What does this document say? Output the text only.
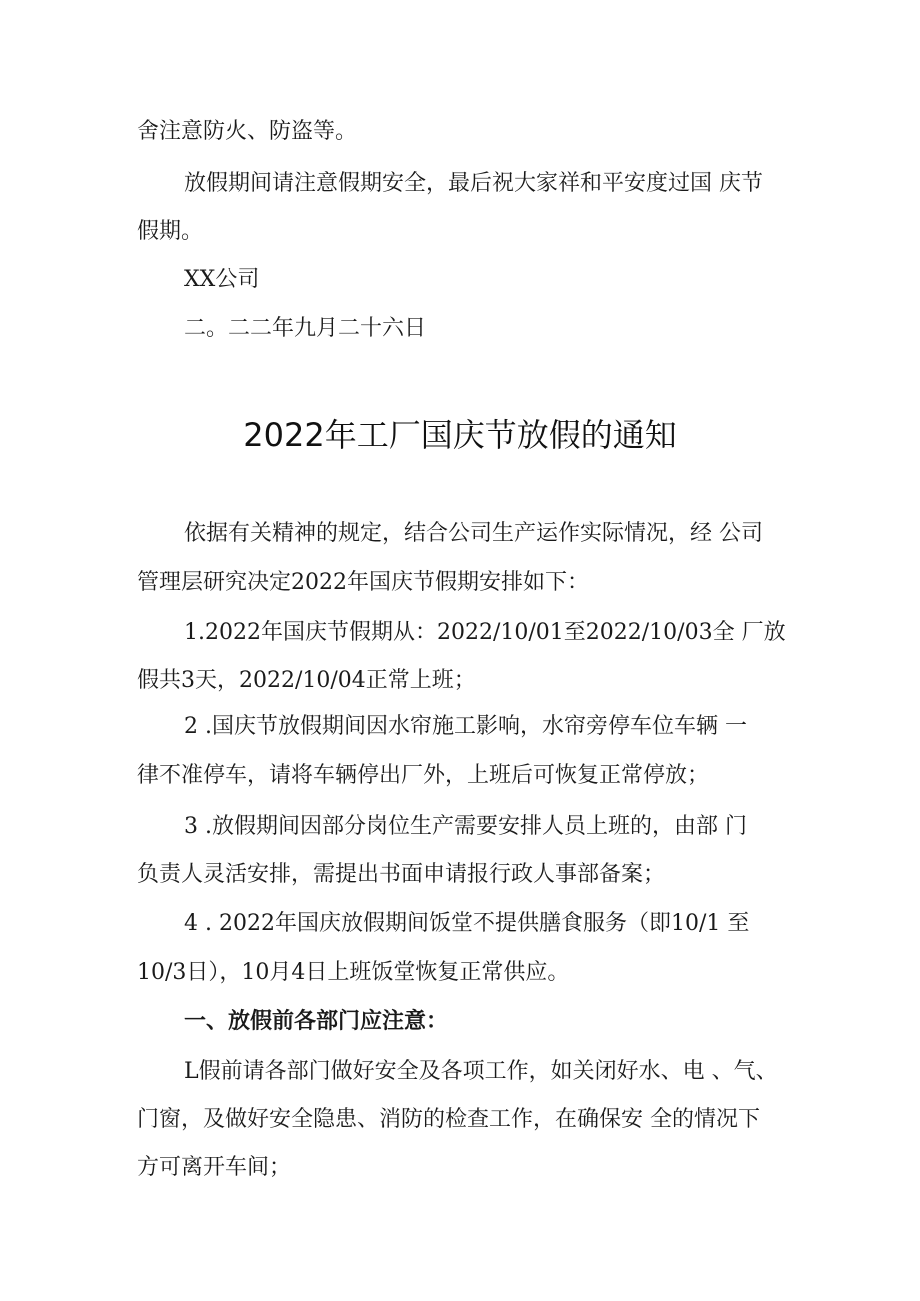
舍注意防火、防盗等。
放假期间请注意假期安全，最后祝大家祥和平安度过国 庆节
假期。
XX公司
二。二二年九月二十六日
2022年工厂国庆节放假的通知
依据有关精神的规定，结合公司生产运作实际情况，经 公司
管理层研究决定2022年国庆节假期安排如下：
1.2022年国庆节假期从：2022/10/01至2022/10/03全 厂放
假共3天，2022/10/04正常上班；
2 .国庆节放假期间因水帘施工影响，水帘旁停车位车辆 一
律不准停车，请将车辆停出厂外，上班后可恢复正常停放；
3 .放假期间因部分岗位生产需要安排人员上班的，由部 门
负责人灵活安排，需提出书面申请报行政人事部备案；
4 . 2022年国庆放假期间饭堂不提供膳食服务（即10/1 至
10/3日），10月4日上班饭堂恢复正常供应。
一、放假前各部门应注意：
L假前请各部门做好安全及各项工作，如关闭好水、电 、气、
门窗，及做好安全隐患、消防的检查工作，在确保安 全的情况下
方可离开车间；
